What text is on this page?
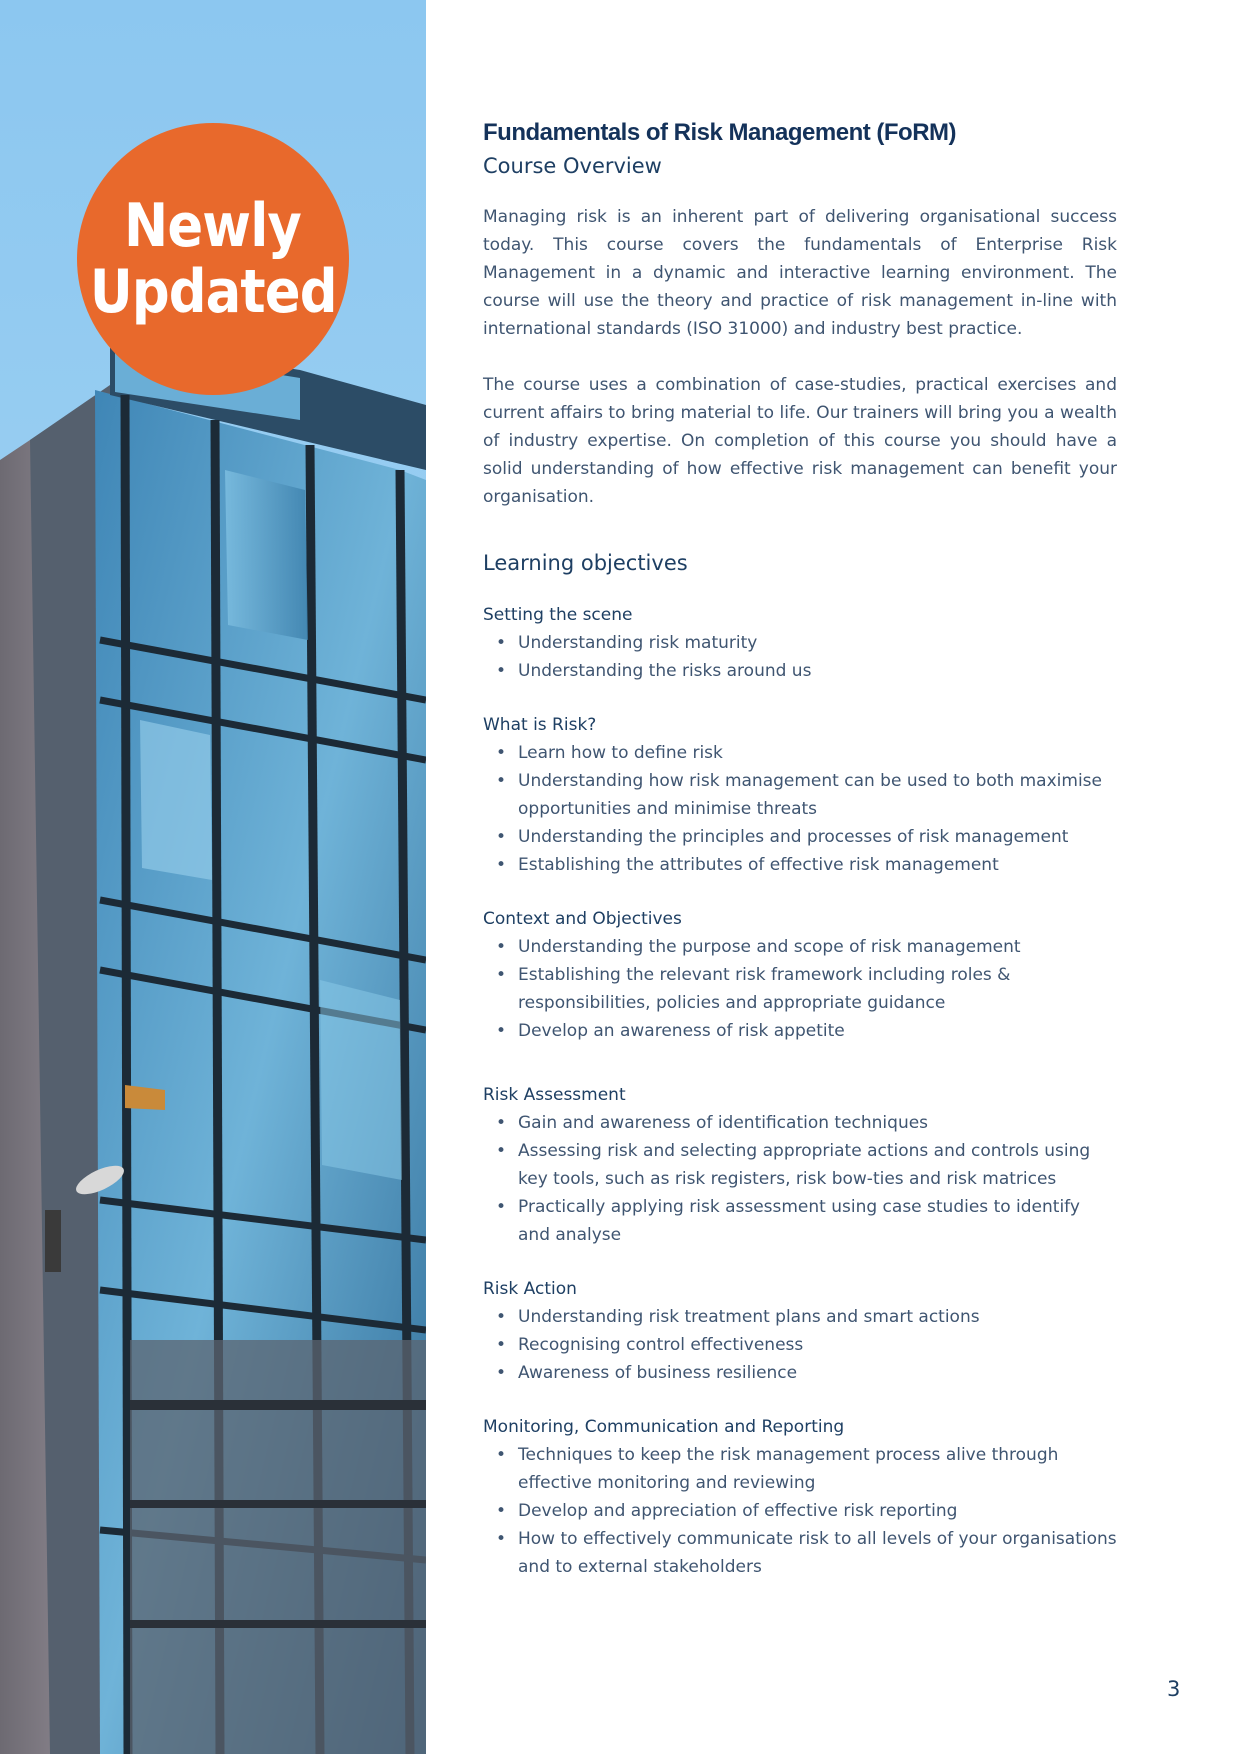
Newly
Updated
Fundamentals of Risk Management (FoRM)
Course Overview

Managing risk is an inherent part of delivering organisational success today. This course covers the fundamentals of Enterprise Risk Management in a dynamic and interactive learning environment. The course will use the theory and practice of risk management in-line with international standards (ISO 31000) and industry best practice.

The course uses a combination of case-studies, practical exercises and current affairs to bring material to life. Our trainers will bring you a wealth of industry expertise. On completion of this course you should have a solid understanding of how effective risk management can benefit your organisation.

Learning objectives
Setting the scene
• Understanding risk maturity
• Understanding the risks around us
What is Risk?
• Learn how to define risk
• Understanding how risk management can be used to both maximise opportunities and minimise threats
• Understanding the principles and processes of risk management
• Establishing the attributes of effective risk management
Context and Objectives
• Understanding the purpose and scope of risk management
• Establishing the relevant risk framework including roles & responsibilities, policies and appropriate guidance
• Develop an awareness of risk appetite
Risk Assessment
• Gain and awareness of identification techniques
• Assessing risk and selecting appropriate actions and controls using key tools, such as risk registers, risk bow-ties and risk matrices
• Practically applying risk assessment using case studies to identify and analyse
Risk Action
• Understanding risk treatment plans and smart actions
• Recognising control effectiveness
• Awareness of business resilience
Monitoring, Communication and Reporting
• Techniques to keep the risk management process alive through effective monitoring and reviewing
• Develop and appreciation of effective risk reporting
• How to effectively communicate risk to all levels of your organisations and to external stakeholders
3
